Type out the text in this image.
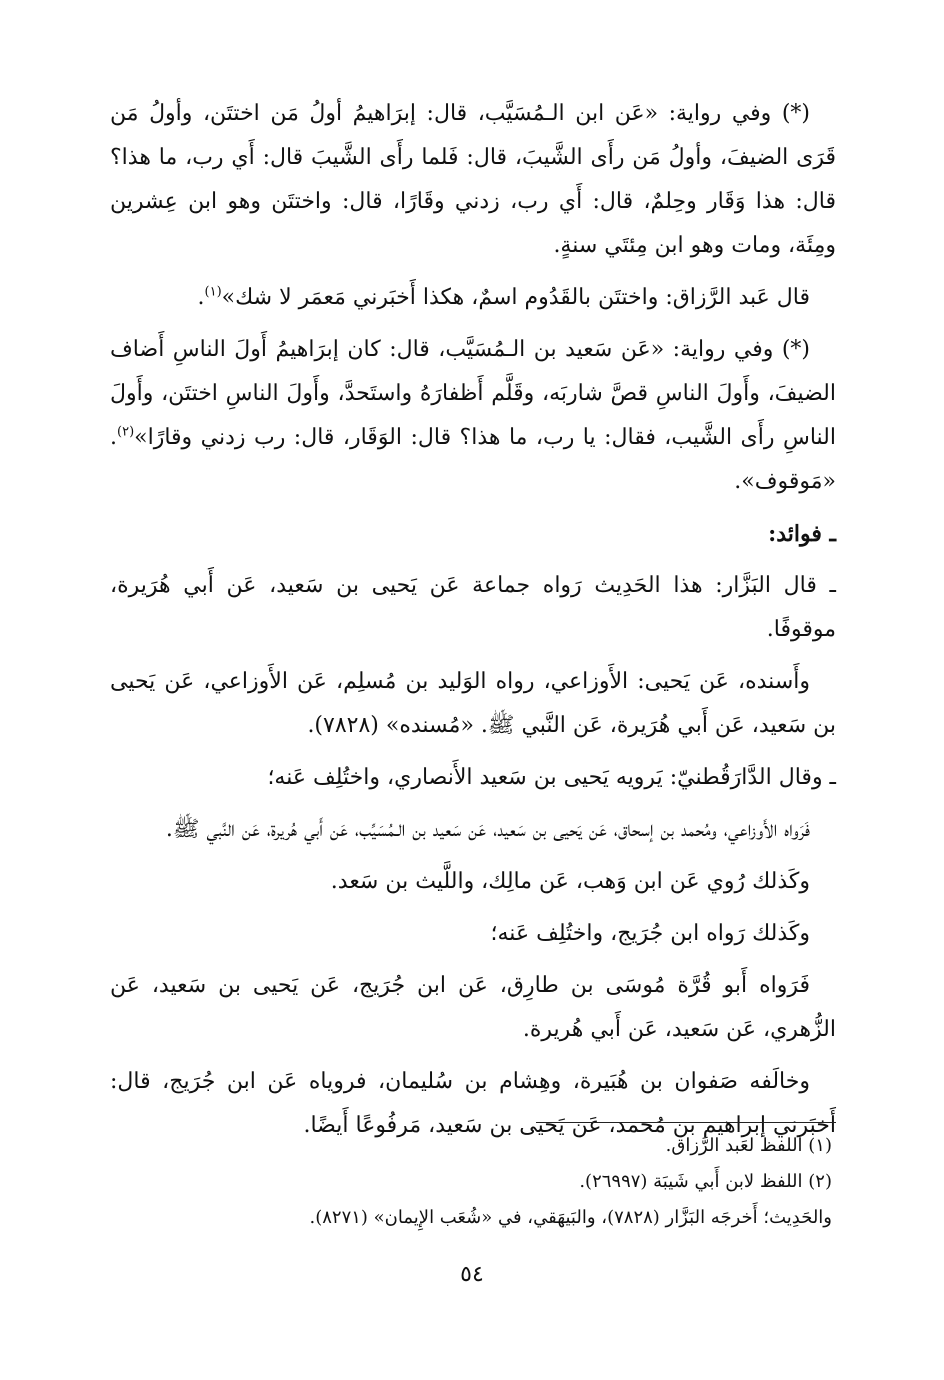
(*) وفي رواية: «عَن ابن الـمُسَيَّب، قال: إبرَاهيمُ أولُ مَن اختتَن، وأولُ مَن قَرَى الضيفَ، وأولُ مَن رأَى الشَّيبَ، قال: فَلما رأَى الشَّيبَ قال: أَي رب، ما هذا؟ قال: هذا وَقَار وحِلمٌ، قال: أَي رب، زدني وقَارًا، قال: واختتَن وهو ابن عِشرين ومِئَة، ومات وهو ابن مِئتَي سنةٍ.

قال عَبد الرَّزاق: واختتَن بالقَدُوم اسمٌ، هكذا أَخبَرني مَعمَر لا شك»$^{(١)}$.

(*) وفي رواية: «عَن سَعيد بن الـمُسَيَّب، قال: كان إبرَاهيمُ أَولَ الناسِ أَضاف الضيفَ، وأَولَ الناسِ قصَّ شاربَه، وقَلَّم أَظفارَهُ واستَحدَّ، وأَولَ الناسِ اختتَن، وأَولَ الناسِ رأَى الشَّيب، فقال: يا رب، ما هذا؟ قال: الوَقَار، قال: رب زدني وقارًا»$^{(٢)}$. «مَوقوف».

ـ فوائد:

ـ قال البَزَّار: هذا الحَدِيث رَواه جماعة عَن يَحيى بن سَعيد، عَن أَبي هُرَيرة، موقوفًا.

وأَسنده، عَن يَحيى: الأَوزاعي، رواه الوَليد بن مُسلِم، عَن الأَوزاعي، عَن يَحيى بن سَعيد، عَن أَبي هُرَيرة، عَن النَّبي ﷺ. «مُسنده» (٧٨٢٨).

ـ وقال الدَّارَقُطنيّ: يَرويه يَحيى بن سَعيد الأَنصاري، واختُلِف عَنه؛

فَرَواه الأَوزاعي، ومُحمد بن إسحاق، عَن يَحيى بن سَعيد، عَن سَعيد بن الـمُسَيِّب، عَن أَبي هُريرة، عَن النَّبي ﷺ.

وكَذلك رُوي عَن ابن وَهب، عَن مالِك، واللَّيث بن سَعد.

وكَذلك رَواه ابن جُرَيج، واختُلِف عَنه؛

فَرَواه أَبو قُرَّة مُوسَى بن طارِق، عَن ابن جُرَيج، عَن يَحيى بن سَعيد، عَن الزُّهري، عَن سَعيد، عَن أَبي هُريرة.

وخالَفه صَفوان بن هُبَيرة، وهِشام بن سُليمان، فروياه عَن ابن جُرَيج، قال: أَخبَرني إبراهيم بن مُحمد، عَن يَحيى بن سَعيد، مَرفُوعًا أَيضًا.

(١) اللفظ لعَبد الرَّزاق.

(٢) اللفظ لابن أَبي شَيبَة (٢٦٩٩٧).

والحَدِيث؛ أَخرجَه البَزَّار (٧٨٢٨)، والبَيهَقي، في «شُعَب الإِيمان» (٨٢٧١).

٥٤
